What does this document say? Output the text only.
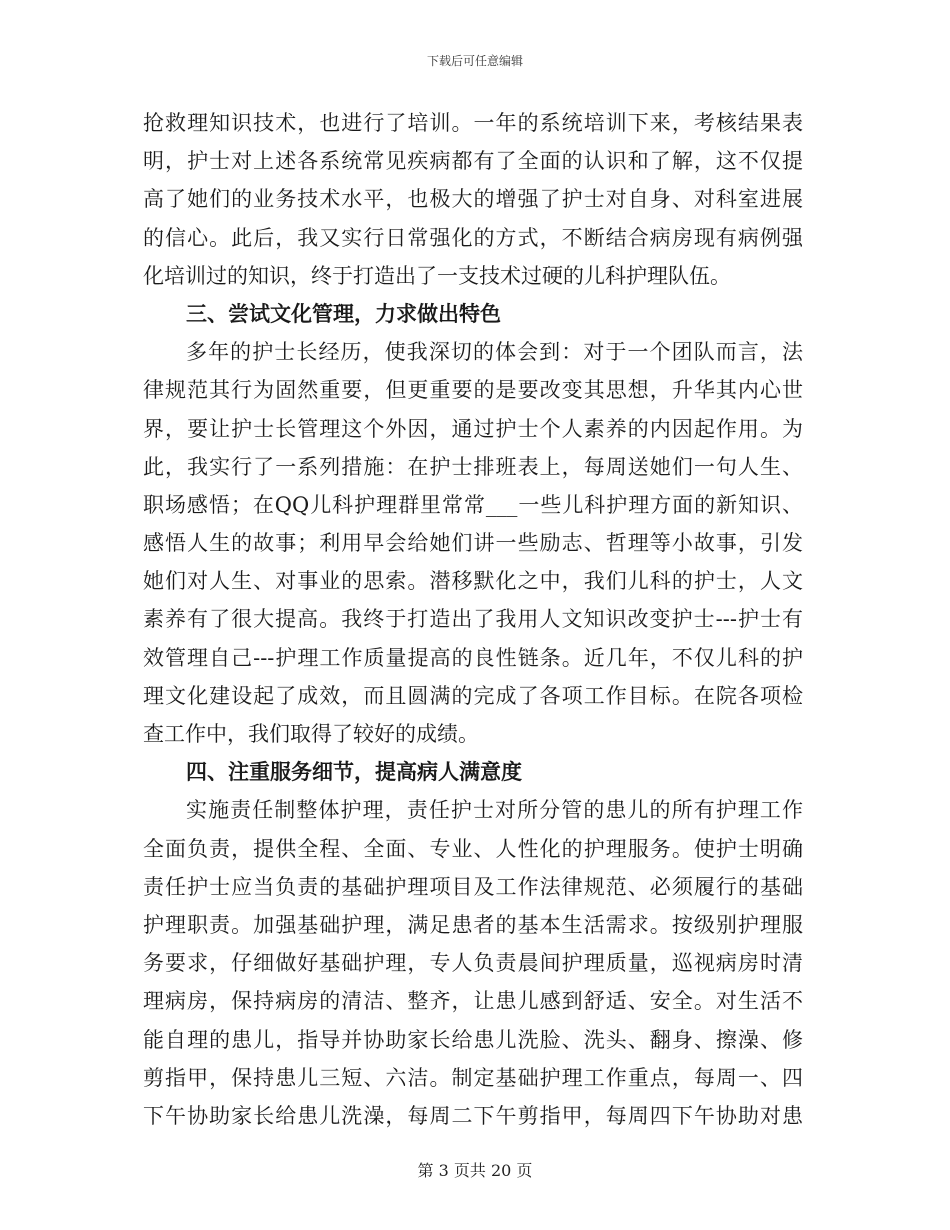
下载后可任意编辑
抢救理知识技术，也进行了培训。一年的系统培训下来，考核结果表
明，护士对上述各系统常见疾病都有了全面的认识和了解，这不仅提
高了她们的业务技术水平，也极大的增强了护士对自身、对科室进展
的信心。此后，我又实行日常强化的方式，不断结合病房现有病例强
化培训过的知识，终于打造出了一支技术过硬的儿科护理队伍。
三、尝试文化管理，力求做出特色
多年的护士长经历，使我深切的体会到：对于一个团队而言，法
律规范其行为固然重要，但更重要的是要改变其思想，升华其内心世
界，要让护士长管理这个外因，通过护士个人素养的内因起作用。为
此，我实行了一系列措施：在护士排班表上，每周送她们一句人生、
职场感悟；在QQ儿科护理群里常常___一些儿科护理方面的新知识、
感悟人生的故事；利用早会给她们讲一些励志、哲理等小故事，引发
她们对人生、对事业的思索。潜移默化之中，我们儿科的护士，人文
素养有了很大提高。我终于打造出了我用人文知识改变护士---护士有
效管理自己---护理工作质量提高的良性链条。近几年，不仅儿科的护
理文化建设起了成效，而且圆满的完成了各项工作目标。在院各项检
查工作中，我们取得了较好的成绩。
四、注重服务细节，提高病人满意度
实施责任制整体护理，责任护士对所分管的患儿的所有护理工作
全面负责，提供全程、全面、专业、人性化的护理服务。使护士明确
责任护士应当负责的基础护理项目及工作法律规范、必须履行的基础
护理职责。加强基础护理，满足患者的基本生活需求。按级别护理服
务要求，仔细做好基础护理，专人负责晨间护理质量，巡视病房时清
理病房，保持病房的清洁、整齐，让患儿感到舒适、安全。对生活不
能自理的患儿，指导并协助家长给患儿洗脸、洗头、翻身、擦澡、修
剪指甲，保持患儿三短、六洁。制定基础护理工作重点，每周一、四
下午协助家长给患儿洗澡，每周二下午剪指甲，每周四下午协助对患
第 3 页共 20 页
